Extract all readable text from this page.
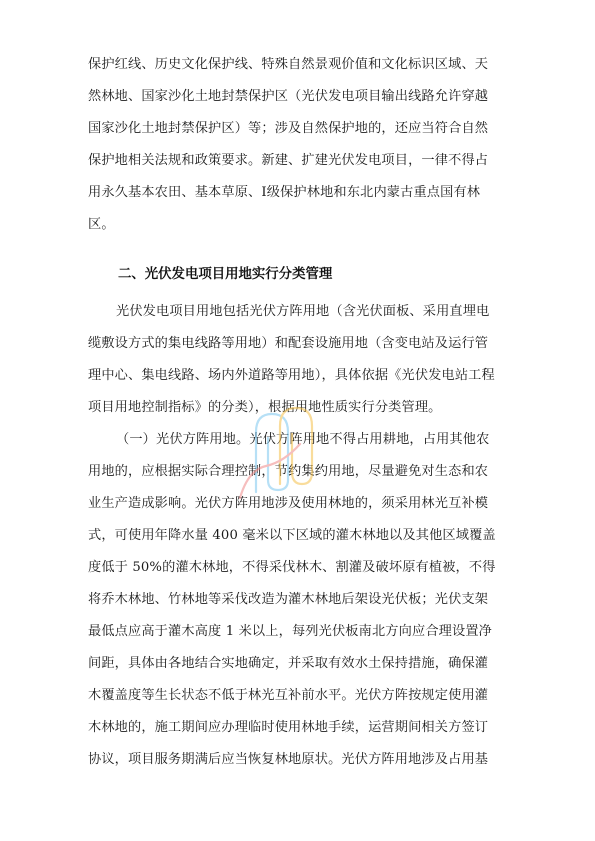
保护红线、历史文化保护线、特殊自然景观价值和文化标识区域、天
然林地、国家沙化土地封禁保护区（光伏发电项目输出线路允许穿越
国家沙化土地封禁保护区）等；涉及自然保护地的，还应当符合自然
保护地相关法规和政策要求。新建、扩建光伏发电项目，一律不得占
用永久基本农田、基本草原、Ⅰ级保护林地和东北内蒙古重点国有林
区。
二、光伏发电项目用地实行分类管理
光伏发电项目用地包括光伏方阵用地（含光伏面板、采用直埋电
缆敷设方式的集电线路等用地）和配套设施用地（含变电站及运行管
理中心、集电线路、场内外道路等用地），具体依据《光伏发电站工程
项目用地控制指标》的分类），根据用地性质实行分类管理。
（一）光伏方阵用地。光伏方阵用地不得占用耕地，占用其他农
用地的，应根据实际合理控制，节约集约用地，尽量避免对生态和农
业生产造成影响。光伏方阵用地涉及使用林地的，须采用林光互补模
式，可使用年降水量 400 毫米以下区域的灌木林地以及其他区域覆盖
度低于 50%的灌木林地，不得采伐林木、割灌及破坏原有植被，不得
将乔木林地、竹林地等采伐改造为灌木林地后架设光伏板；光伏支架
最低点应高于灌木高度 1 米以上，每列光伏板南北方向应合理设置净
间距，具体由各地结合实地确定，并采取有效水土保持措施，确保灌
木覆盖度等生长状态不低于林光互补前水平。光伏方阵按规定使用灌
木林地的，施工期间应办理临时使用林地手续，运营期间相关方签订
协议，项目服务期满后应当恢复林地原状。光伏方阵用地涉及占用基
